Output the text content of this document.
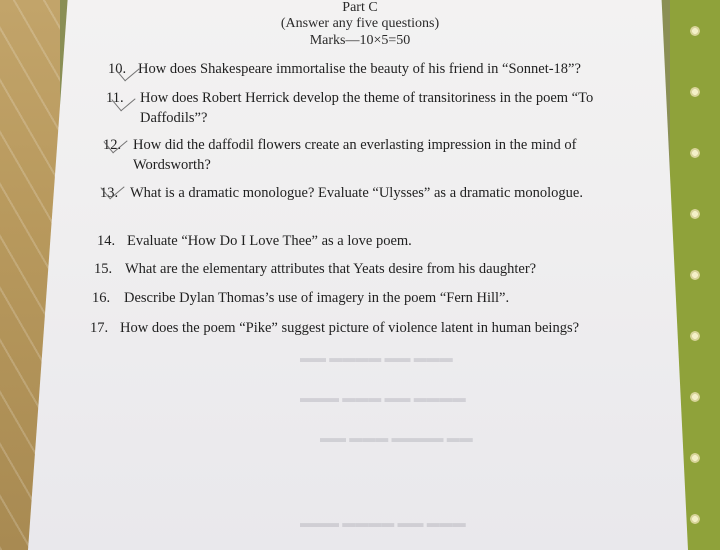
▬▬▬ ▬▬ ▬▬▬▬ ▬▬
▬▬▬▬ ▬▬ ▬▬▬ ▬▬▬
▬▬ ▬▬▬▬ ▬▬▬ ▬▬
▬▬▬ ▬▬ ▬▬▬▬ ▬▬▬
Part C
(Answer any five questions)
Marks—10×5=50
10. How does Shakespeare immortalise the beauty of his friend in “Sonnet-18”?
11. How does Robert Herrick develop the theme of transitoriness in the poem “To Daffodils”?
12. How did the daffodil flowers create an everlasting impression in the mind of Wordsworth?
13. What is a dramatic monologue? Evaluate “Ulysses” as a dramatic monologue.
14. Evaluate “How Do I Love Thee” as a love poem.
15. What are the elementary attributes that Yeats desire from his daughter?
16. Describe Dylan Thomas’s use of imagery in the poem “Fern Hill”.
17. How does the poem “Pike” suggest picture of violence latent in human beings?
